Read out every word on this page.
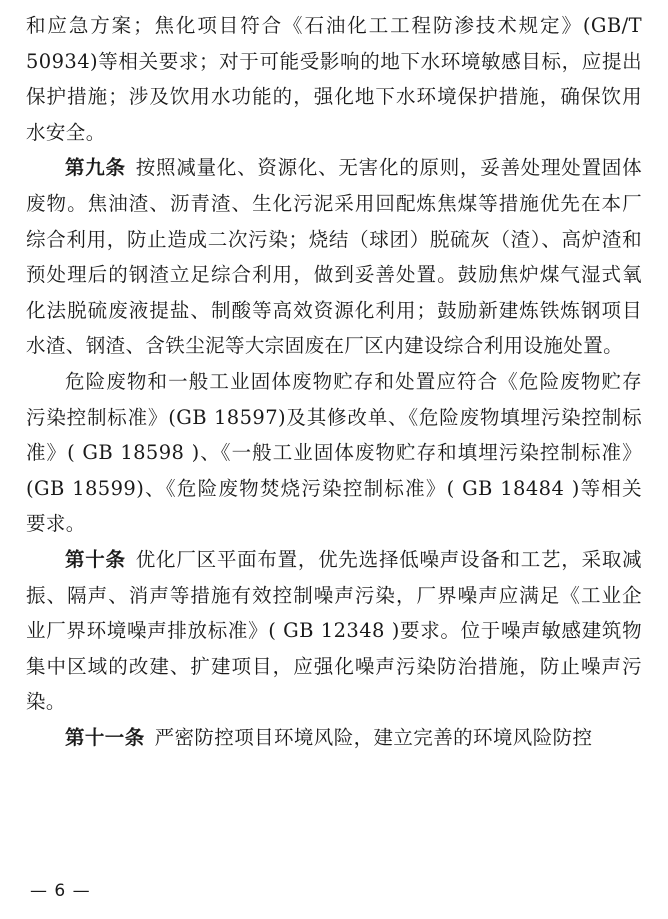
和应急方案；焦化项目符合《石油化工工程防渗技术规定》(GB/T 50934)等相关要求；对于可能受影响的地下水环境敏感目标，应提出保护措施；涉及饮用水功能的，强化地下水环境保护措施，确保饮用水安全。

第九条 按照减量化、资源化、无害化的原则，妥善处理处置固体废物。焦油渣、沥青渣、生化污泥采用回配炼焦煤等措施优先在本厂综合利用，防止造成二次污染；烧结（球团）脱硫灰（渣）、高炉渣和预处理后的钢渣立足综合利用，做到妥善处置。鼓励焦炉煤气湿式氧化法脱硫废液提盐、制酸等高效资源化利用；鼓励新建炼铁炼钢项目水渣、钢渣、含铁尘泥等大宗固废在厂区内建设综合利用设施处置。

危险废物和一般工业固体废物贮存和处置应符合《危险废物贮存污染控制标准》(GB 18597)及其修改单、《危险废物填埋污染控制标准》( GB 18598 )、《一般工业固体废物贮存和填埋污染控制标准》(GB 18599)、《危险废物焚烧污染控制标准》( GB 18484 )等相关要求。

第十条 优化厂区平面布置，优先选择低噪声设备和工艺，采取减振、隔声、消声等措施有效控制噪声污染，厂界噪声应满足《工业企业厂界环境噪声排放标准》( GB 12348 )要求。位于噪声敏感建筑物集中区域的改建、扩建项目，应强化噪声污染防治措施，防止噪声污染。

第十一条 严密防控项目环境风险，建立完善的环境风险防控

— 6 —
